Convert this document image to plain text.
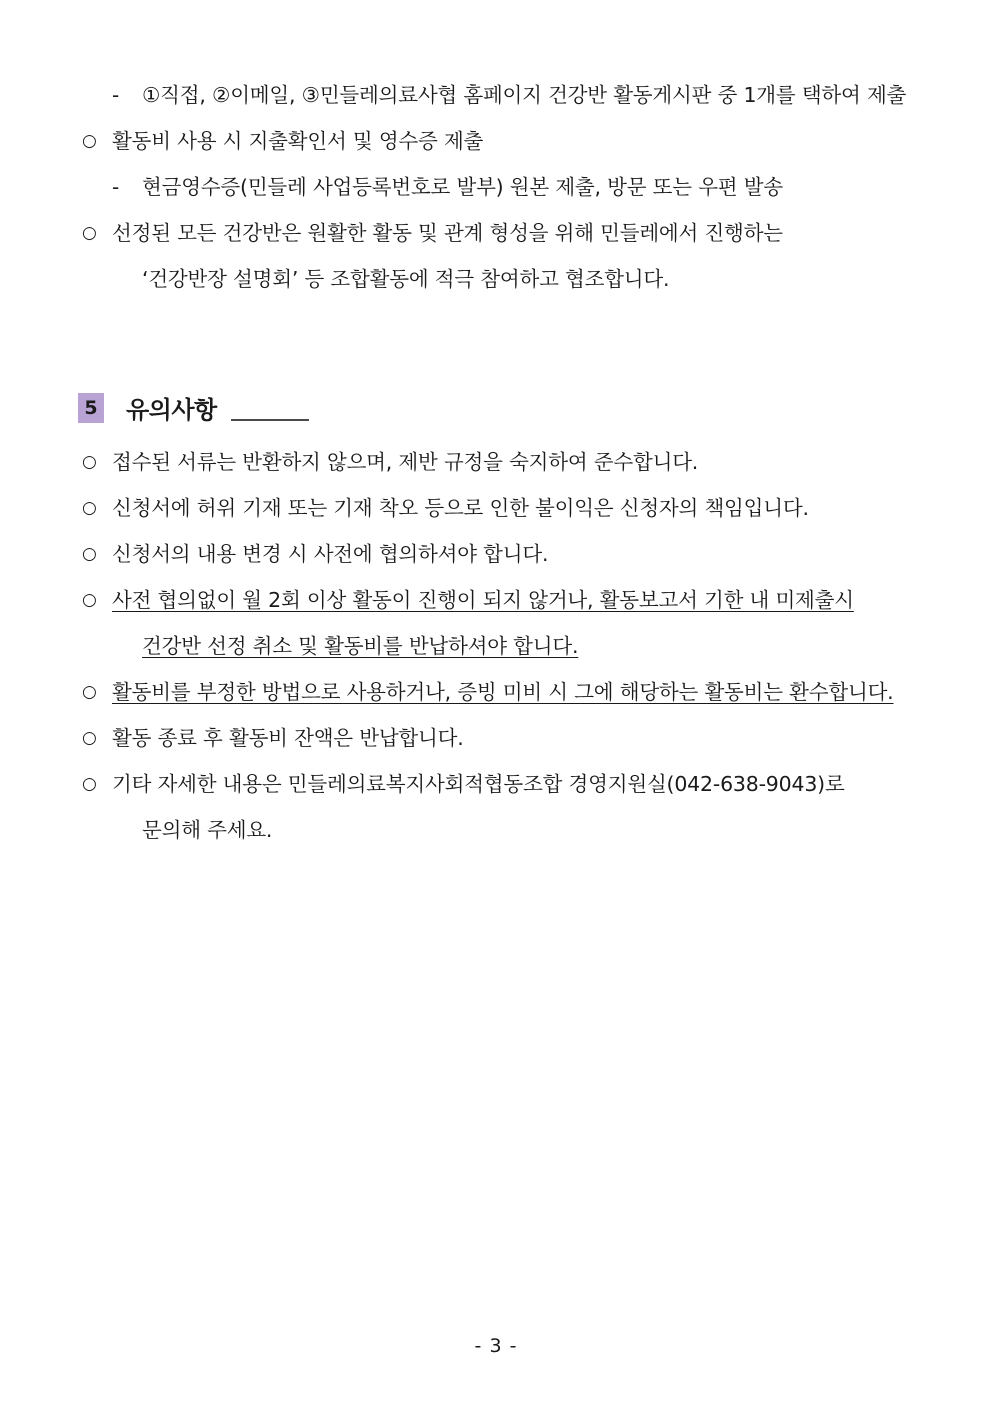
-	①직접, ②이메일, ③민들레의료사협 홈페이지 건강반 활동게시판 중 1개를 택하여 제출
○ 활동비 사용 시 지출확인서 및 영수증 제출
-	현금영수증(민들레 사업등록번호로 발부) 원본 제출, 방문 또는 우편 발송
○ 선정된 모든 건강반은 원활한 활동 및 관계 형성을 위해 민들레에서 진행하는
‘건강반장 설명회’ 등 조합활동에 적극 참여하고 협조합니다.
5 유의사항
○ 접수된 서류는 반환하지 않으며, 제반 규정을 숙지하여 준수합니다.
○ 신청서에 허위 기재 또는 기재 착오 등으로 인한 불이익은 신청자의 책임입니다.
○ 신청서의 내용 변경 시 사전에 협의하셔야 합니다.
○ 사전 협의없이 월 2회 이상 활동이 진행이 되지 않거나, 활동보고서 기한 내 미제출시
건강반 선정 취소 및 활동비를 반납하셔야 합니다.
○ 활동비를 부정한 방법으로 사용하거나, 증빙 미비 시 그에 해당하는 활동비는 환수합니다.
○ 활동 종료 후 활동비 잔액은 반납합니다.
○ 기타 자세한 내용은 민들레의료복지사회적협동조합 경영지원실(042-638-9043)로
문의해 주세요.
- 3 -
